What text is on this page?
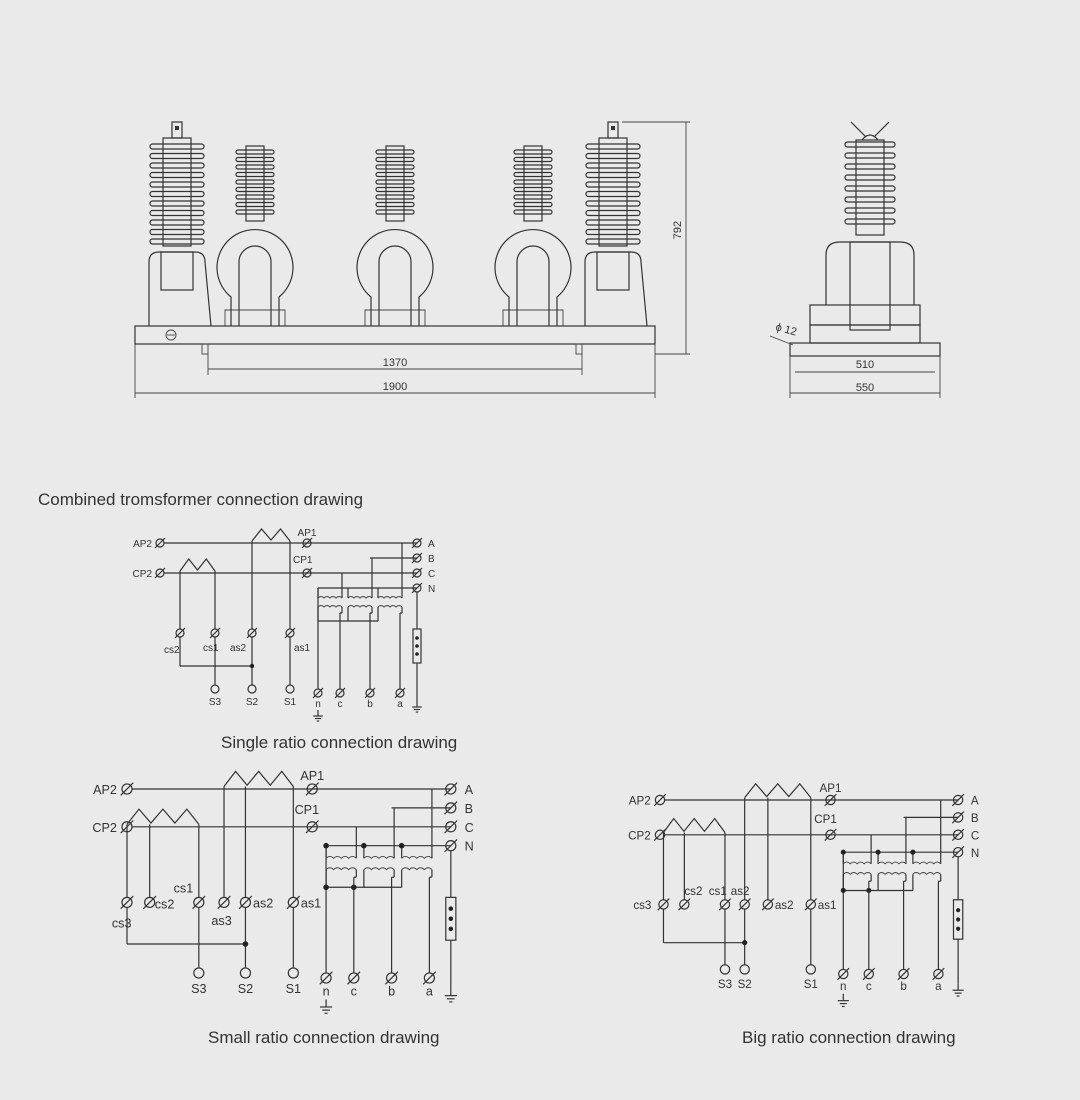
1370
1900
792
510
550
ϕ 12
Combined tromsformer connection drawing
Single ratio connection drawing
Small ratio connection drawing	Big ratio connection drawing
AP2
CP2
AP1
CP1
A
B
C
N
cs2 cs1
S3
as2
S2
as1
S1 n c b a
AP2
CP2
AP1
CP1
A
B
C
N
cs3
cs2
cs1
S3
as3
as2
S2
as1
S1 n c b a
AP2
CP2
AP1
CP1
A
B
C
N
cs3
cs2 cs1
S3
as2
S2
as2 as1
S1 n c b a
